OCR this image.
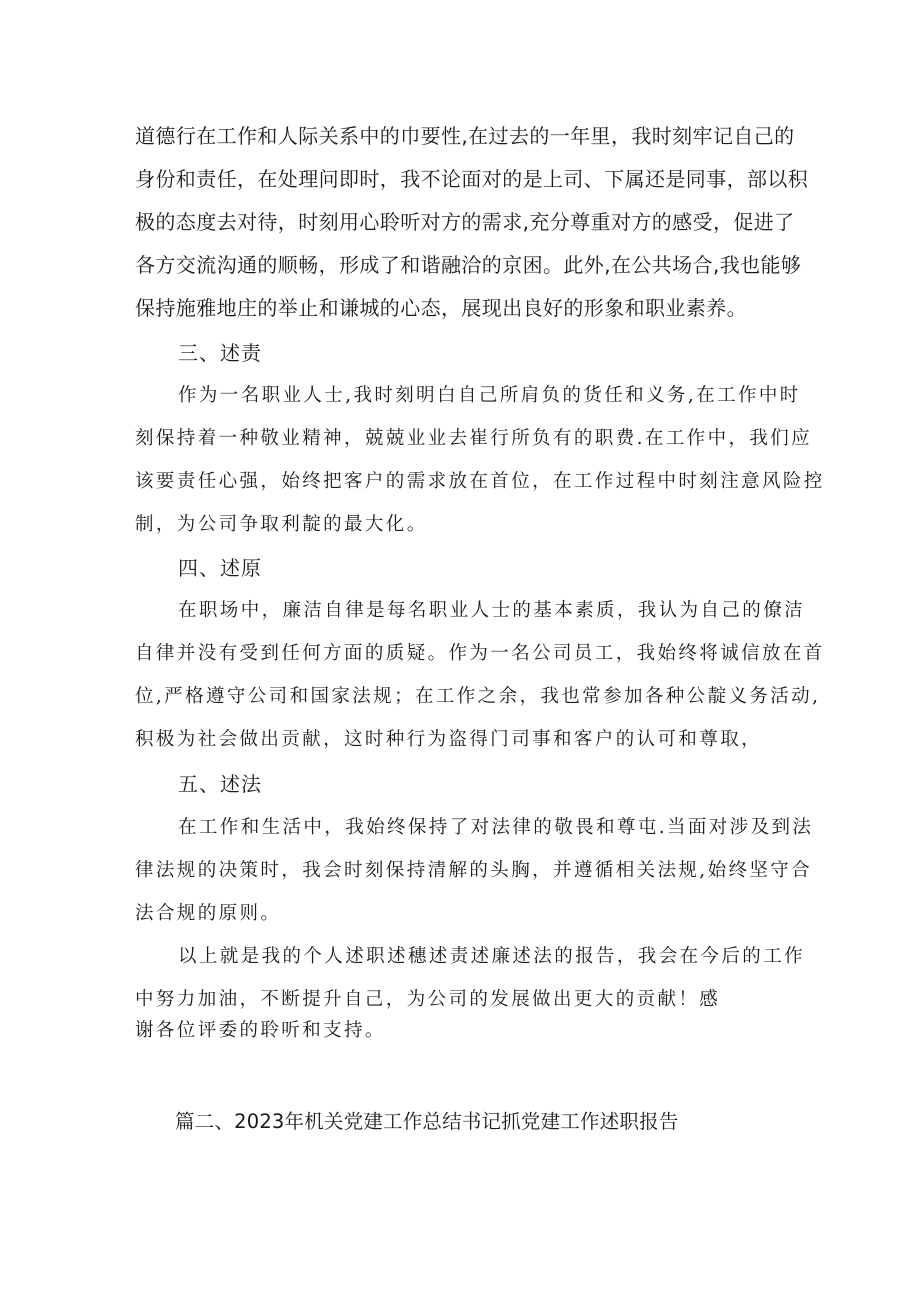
道德行在工作和人际关系中的巾要性,在过去的一年里，我时刻牢记自己的
身份和责任，在处理问即时，我不论面对的是上司、下属还是同事，部以积
极的态度去对待，时刻用心聆听对方的需求,充分尊重对方的感受，促进了
各方交流沟通的顺畅，形成了和谐融洽的京困。此外,在公共场合,我也能够
保持施雅地庄的举止和谦城的心态，展现出良好的形象和职业素养。
三、述责
作为一名职业人士,我时刻明白自己所肩负的货任和义务,在工作中时
刻保持着一种敬业精神，兢兢业业去崔行所负有的职费.在工作中，我们应
该要责任心强，始终把客户的需求放在首位，在工作过程中时刻注意风险控
制，为公司争取利靛的最大化。
四、述原
在职场中，廉洁自律是每名职业人士的基本素质，我认为自己的僚洁
自律并没有受到任何方面的质疑。作为一名公司员工，我始终将诚信放在首
位,严格遵守公司和国家法规；在工作之余，我也常参加各种公靛义务活动,
积极为社会做出贡献，这时种行为盗得门司事和客户的认可和尊取，
五、述法
在工作和生活中，我始终保持了对法律的敬畏和尊屯.当面对涉及到法
律法规的决策时，我会时刻保持清解的头胸，并遵循相关法规,始终坚守合
法合规的原则。
以上就是我的个人述职述穗述责述廉述法的报告，我会在今后的工作
中努力加油，不断提升自己，为公司的发展做出更大的贡献！感
谢各位评委的聆听和支持。
篇二、2023年机关党建工作总结书记抓党建工作述职报告
